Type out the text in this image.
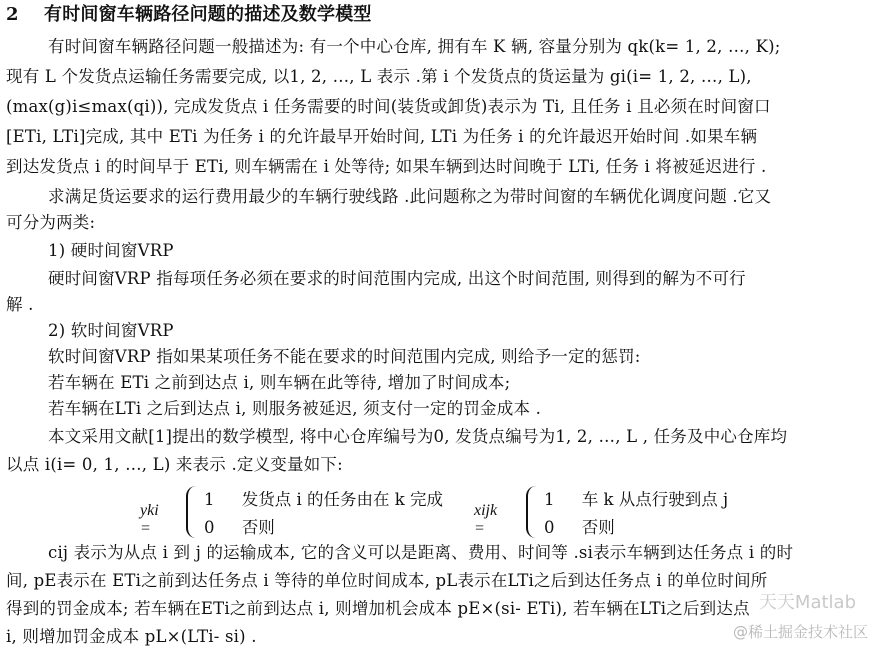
2 有时间窗车辆路径问题的描述及数学模型
有时间窗车辆路径问题一般描述为: 有一个中心仓库, 拥有车 K 辆, 容量分别为 qk(k= 1, 2, …, K);
现有 L 个发货点运输任务需要完成, 以1, 2, …, L 表示 .第 i 个发货点的货运量为 gi(i= 1, 2, …, L),
(max(g)i≤max(qi)), 完成发货点 i 任务需要的时间(装货或卸货)表示为 Ti, 且任务 i 且必须在时间窗口
[ETi, LTi]完成, 其中 ETi 为任务 i 的允许最早开始时间, LTi 为任务 i 的允许最迟开始时间 .如果车辆
到达发货点 i 的时间早于 ETi, 则车辆需在 i 处等待; 如果车辆到达时间晚于 LTi, 任务 i 将被延迟进行 .
求满足货运要求的运行费用最少的车辆行驶线路 .此问题称之为带时间窗的车辆优化调度问题 .它又
可分为两类:
1) 硬时间窗VRP
硬时间窗VRP 指每项任务必须在要求的时间范围内完成, 出这个时间范围, 则得到的解为不可行
解 .
2) 软时间窗VRP
软时间窗VRP 指如果某项任务不能在要求的时间范围内完成, 则给予一定的惩罚:
若车辆在 ETi 之前到达点 i, 则车辆在此等待, 增加了时间成本;
若车辆在LTi 之后到达点 i, 则服务被延迟, 须支付一定的罚金成本 .
本文采用文献[1]提出的数学模型, 将中心仓库编号为0, 发货点编号为1, 2, …, L , 任务及中心仓库均
以点 i(i= 0, 1, …, L) 来表示 .定义变量如下:
yki =
1 发货点 i 的任务由在 k 完成
0 否则
xijk =
1 车 k 从点行驶到点 j
0 否则
cij 表示为从点 i 到 j 的运输成本, 它的含义可以是距离、费用、时间等 .si表示车辆到达任务点 i 的时
间, pE表示在 ETi之前到达任务点 i 等待的单位时间成本, pL表示在LTi之后到达任务点 i 的单位时间所
得到的罚金成本; 若车辆在ETi之前到达点 i, 则增加机会成本 pE×(si- ETi), 若车辆在LTi之后到达点
i, 则增加罚金成本 pL×(LTi- si) .
天天Matlab
@稀土掘金技术社区
